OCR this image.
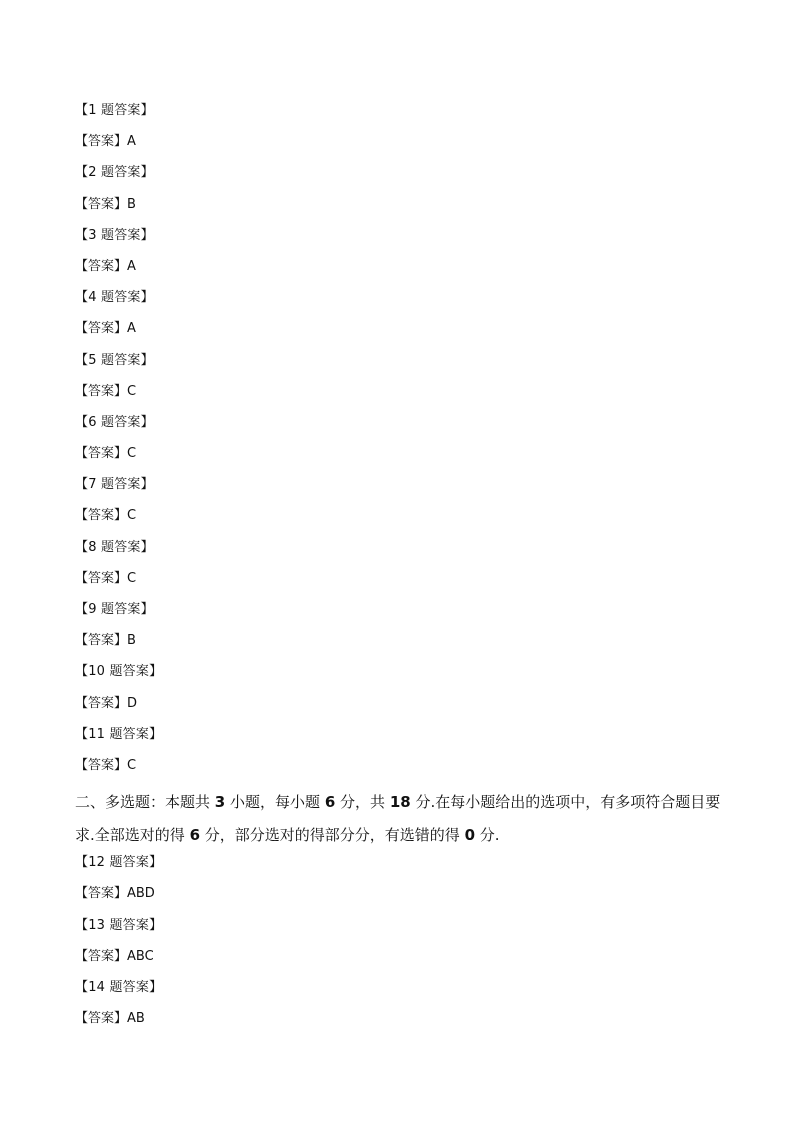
【1 题答案】
【答案】A
【2 题答案】
【答案】B
【3 题答案】
【答案】A
【4 题答案】
【答案】A
【5 题答案】
【答案】C
【6 题答案】
【答案】C
【7 题答案】
【答案】C
【8 题答案】
【答案】C
【9 题答案】
【答案】B
【10 题答案】
【答案】D
【11 题答案】
【答案】C
二、多选题：本题共 3 小题，每小题 6 分，共 18 分.在每小题给出的选项中，有多项符合题目要求.全部选对的得 6 分，部分选对的得部分分，有选错的得 0 分.
【12 题答案】
【答案】ABD
【13 题答案】
【答案】ABC
【14 题答案】
【答案】AB
